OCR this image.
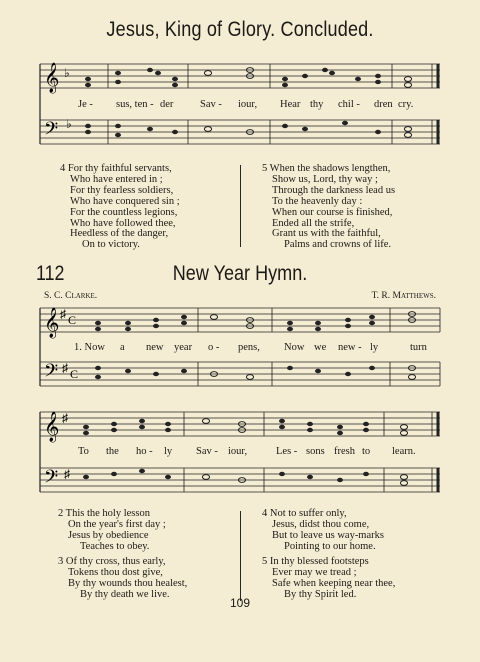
Jesus, King of Glory. Concluded.
𝄞 ♭
𝄢 ♭
Je - sus, ten - der	Sav - iour, Hear thy chil - dren cry.
4 For thy faithful servants,
Who have entered in ;
For thy fearless soldiers,
Who have conquered sin ;
For the countless legions,
Who have followed thee,
Heedless of the danger,
On to victory.
5 When the shadows lengthen,
Show us, Lord, thy way ;
Through the darkness lead us
To the heavenly day :
When our course is finished,
Ended all the strife,
Grant us with the faithful,
Palms and crowns of life.
112	New Year Hymn.
S. C. Clarke.	T. R. Matthews.
𝄞 ♯ C
𝄢 ♯ C
1. Now a new year o - pens, Now we new - ly	turn
𝄞 ♯
𝄢 ♯
To the ho - ly Sav - iour,	Les - sons fresh to learn.
2 This the holy lesson
On the year's first day ;
Jesus by obedience
Teaches to obey.
3 Of thy cross, thus early,
Tokens thou dost give,
By thy wounds thou healest,
By thy death we live.
4 Not to suffer only,
Jesus, didst thou come,
But to leave us way-marks
Pointing to our home.
5 In thy blessed footsteps
Ever may we tread ;
Safe when keeping near thee,
By thy Spirit led.
109
